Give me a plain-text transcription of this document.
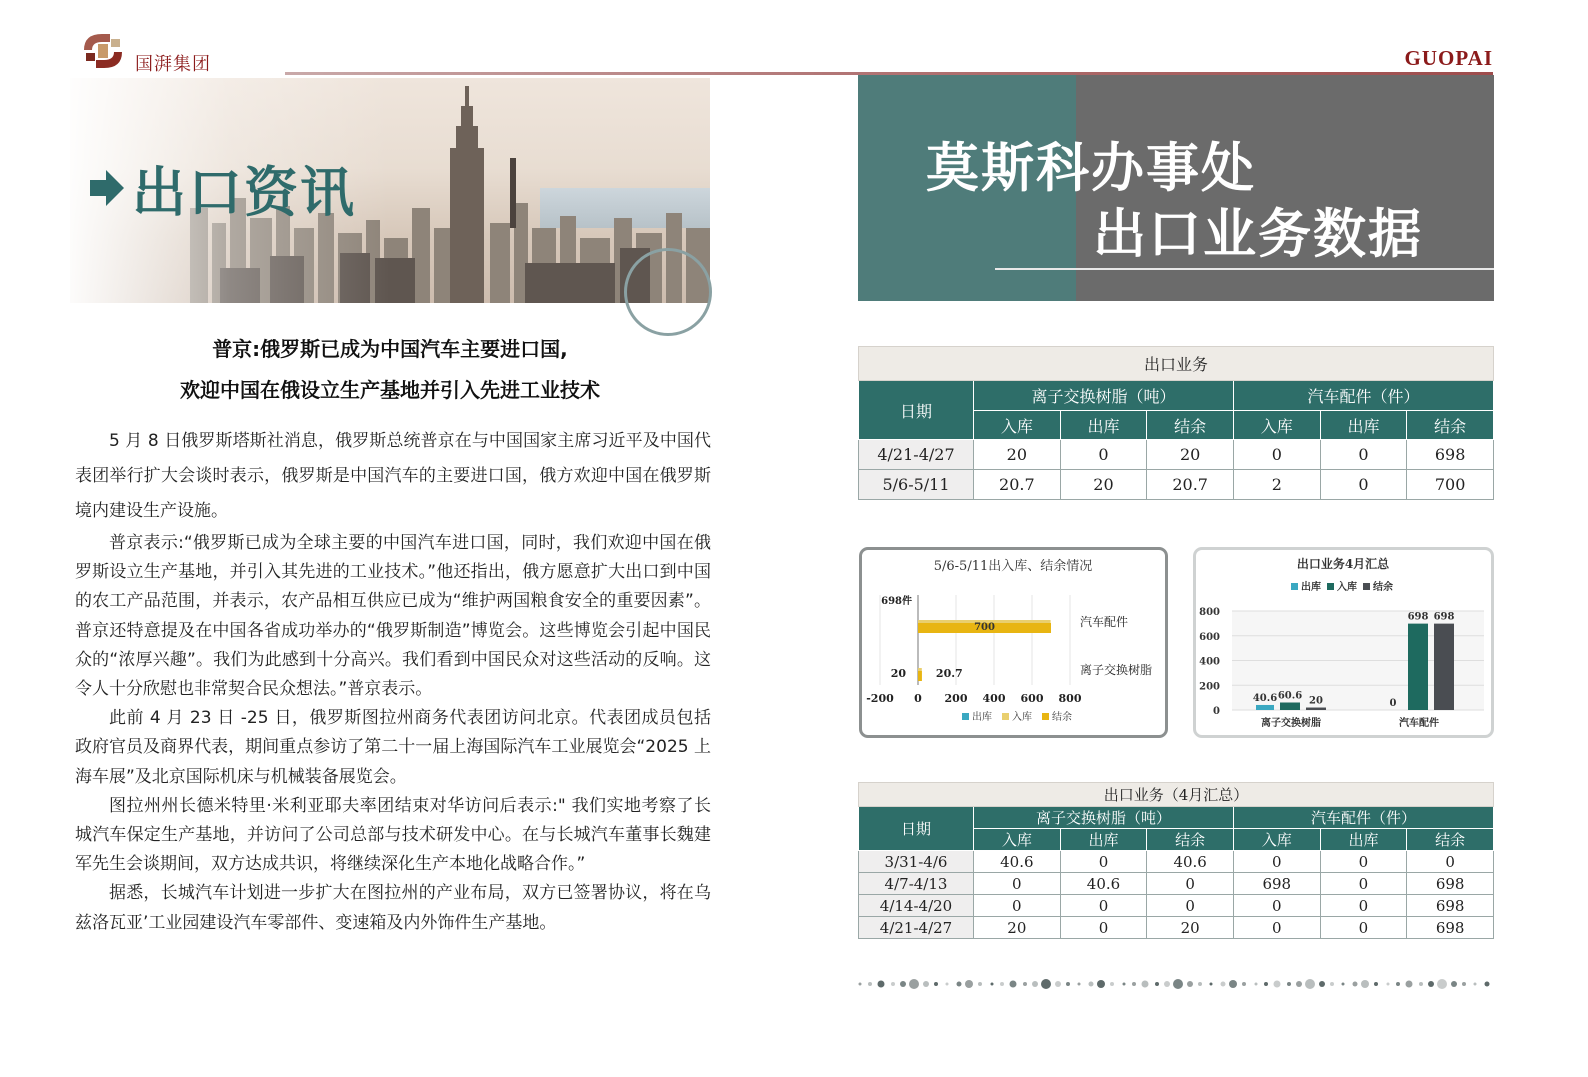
国湃集团	GUOPAI
出口资讯
普京:俄罗斯已成为中国汽车主要进口国,
欢迎中国在俄设立生产基地并引入先进工业技术

5 月 8 日俄罗斯塔斯社消息，俄罗斯总统普京在与中国国家主席习近平及中国代表团举行扩大会谈时表示，俄罗斯是中国汽车的主要进口国，俄方欢迎中国在俄罗斯境内建设生产设施。

普京表示:“俄罗斯已成为全球主要的中国汽车进口国，同时，我们欢迎中国在俄罗斯设立生产基地，并引入其先进的工业技术。”他还指出，俄方愿意扩大出口到中国的农工产品范围，并表示，农产品相互供应已成为“维护两国粮食安全的重要因素”。普京还特意提及在中国各省成功举办的“俄罗斯制造”博览会。这些博览会引起中国民众的“浓厚兴趣”。我们为此感到十分高兴。我们看到中国民众对这些活动的反响。这令人十分欣慰也非常契合民众想法。”普京表示。

此前 4 月 23 日 -25 日，俄罗斯图拉州商务代表团访问北京。代表团成员包括政府官员及商界代表，期间重点参访了第二十一届上海国际汽车工业展览会“2025 上海车展”及北京国际机床与机械装备展览会。

图拉州州长德米特里·米利亚耶夫率团结束对华访问后表示:" 我们实地考察了长城汽车保定生产基地，并访问了公司总部与技术研发中心。在与长城汽车董事长魏建军先生会谈期间，双方达成共识，将继续深化生产本地化战略合作。”

据悉，长城汽车计划进一步扩大在图拉州的产业布局，双方已签署协议，将在乌兹洛瓦亚’工业园建设汽车零部件、变速箱及内外饰件生产基地。

莫斯科办事处
出口业务数据
出口业务						
日期	离子交换树脂（吨）			汽车配件（件）		
	入库	出库	结余	入库	出库	结余
4/21-4/27	20	0	20	0	0	698
5/6-5/11	20.7	20	20.7	2	0	700
5/6-5/11出入库、结余情况
698件
700
20	20.7
-200 0 200 400 600 800
离子交换树脂
汽车配件
出库 入库 结余
出口业务4月汇总
出库 入库 结余
40.6 60.6 20	0
698 698
0
200
400
600
800
离子交换树脂	汽车配件
出口业务（4月汇总）						
日期	离子交换树脂（吨）			汽车配件（件）		
	入库	出库	结余	入库	出库	结余
3/31-4/6	40.6	0	40.6	0	0	0
4/7-4/13	0	40.6	0	698	0	698
4/14-4/20	0	0	0	0	0	698
4/21-4/27	20	0	20	0	0	698
